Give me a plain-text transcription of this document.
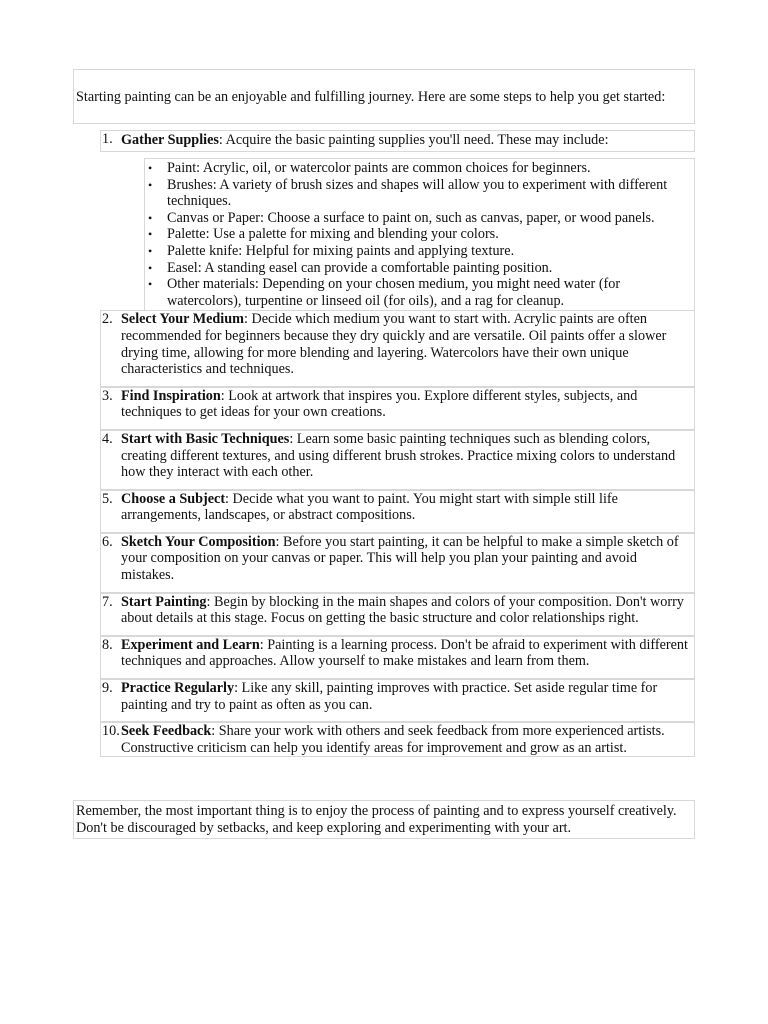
Starting painting can be an enjoyable and fulfilling journey. Here are some steps to help you get started:

1. Gather Supplies: Acquire the basic painting supplies you'll need. These may include:
• Paint: Acrylic, oil, or watercolor paints are common choices for beginners.
• Brushes: A variety of brush sizes and shapes will allow you to experiment with different techniques.
• Canvas or Paper: Choose a surface to paint on, such as canvas, paper, or wood panels.
• Palette: Use a palette for mixing and blending your colors.
• Palette knife: Helpful for mixing paints and applying texture.
• Easel: A standing easel can provide a comfortable painting position.
• Other materials: Depending on your chosen medium, you might need water (for watercolors), turpentine or linseed oil (for oils), and a rag for cleanup.
2. Select Your Medium: Decide which medium you want to start with. Acrylic paints are often recommended for beginners because they dry quickly and are versatile. Oil paints offer a slower drying time, allowing for more blending and layering. Watercolors have their own unique characteristics and techniques.
3. Find Inspiration: Look at artwork that inspires you. Explore different styles, subjects, and techniques to get ideas for your own creations.
4. Start with Basic Techniques: Learn some basic painting techniques such as blending colors, creating different textures, and using different brush strokes. Practice mixing colors to understand how they interact with each other.
5. Choose a Subject: Decide what you want to paint. You might start with simple still life arrangements, landscapes, or abstract compositions.
6. Sketch Your Composition: Before you start painting, it can be helpful to make a simple sketch of your composition on your canvas or paper. This will help you plan your painting and avoid mistakes.
7. Start Painting: Begin by blocking in the main shapes and colors of your composition. Don't worry about details at this stage. Focus on getting the basic structure and color relationships right.
8. Experiment and Learn: Painting is a learning process. Don't be afraid to experiment with different techniques and approaches. Allow yourself to make mistakes and learn from them.
9. Practice Regularly: Like any skill, painting improves with practice. Set aside regular time for painting and try to paint as often as you can.
10. Seek Feedback: Share your work with others and seek feedback from more experienced artists. Constructive criticism can help you identify areas for improvement and grow as an artist.

Remember, the most important thing is to enjoy the process of painting and to express yourself creatively. Don't be discouraged by setbacks, and keep exploring and experimenting with your art.
